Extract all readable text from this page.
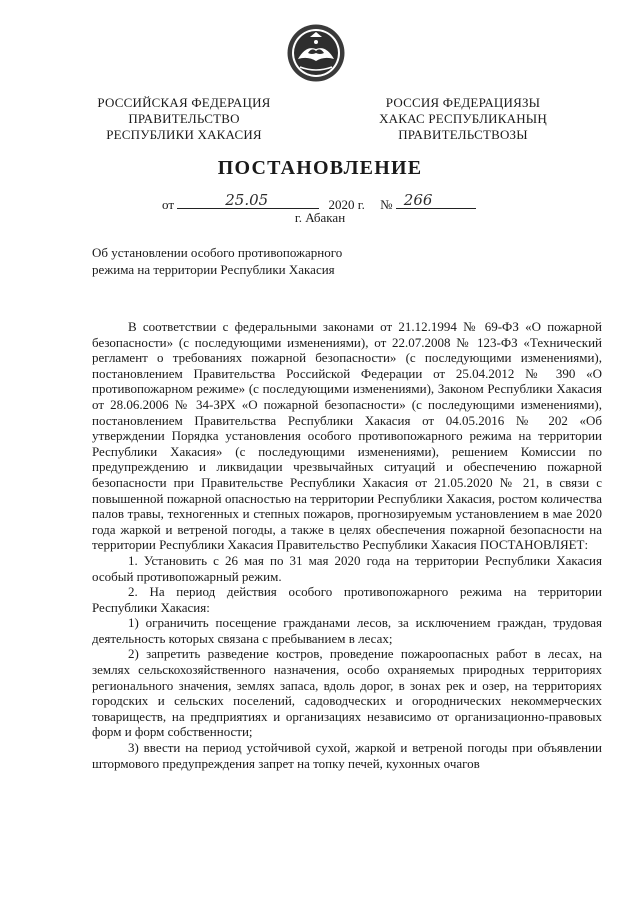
РОССИЙСКАЯ ФЕДЕРАЦИЯ
ПРАВИТЕЛЬСТВО
РЕСПУБЛИКИ ХАКАСИЯ
РОССИЯ ФЕДЕРАЦИЯЗЫ
ХАКАС РЕСПУБЛИКАНЫҢ
ПРАВИТЕЛЬСТВОЗЫ
ПОСТАНОВЛЕНИЕ
от	25.05	2020 г. № 266
г. Абакан
Об установлении особого противопожарного
режима на территории Республики Хакасия

В соответствии с федеральными законами от 21.12.1994 № 69-ФЗ «О пожарной безопасности» (с последующими изменениями), от 22.07.2008 № 123-ФЗ «Технический регламент о требованиях пожарной безопасности» (с последующими изменениями), постановлением Правительства Российской Федерации от 25.04.2012 № 390 «О противопожарном режиме» (с последующими изменениями), Законом Республики Хакасия от 28.06.2006 № 34-ЗРХ «О пожарной безопасности» (с последующими изменениями), постановлением Правительства Республики Хакасия от 04.05.2016 № 202 «Об утверждении Порядка установления особого противопожарного режима на территории Республики Хакасия» (с последующими изменениями), решением Комиссии по предупреждению и ликвидации чрезвычайных ситуаций и обеспечению пожарной безопасности при Правительстве Республики Хакасия от 21.05.2020 № 21, в связи с повышенной пожарной опасностью на территории Республики Хакасия, ростом количества палов травы, техногенных и степных пожаров, прогнозируемым установлением в мае 2020 года жаркой и ветреной погоды, а также в целях обеспечения пожарной безопасности на территории Республики Хакасия Правительство Республики Хакасия ПОСТАНОВЛЯЕТ:

1. Установить с 26 мая по 31 мая 2020 года на территории Республики Хакасия особый противопожарный режим.

2. На период действия особого противопожарного режима на территории Республики Хакасия:

1) ограничить посещение гражданами лесов, за исключением граждан, трудовая деятельность которых связана с пребыванием в лесах;

2) запретить разведение костров, проведение пожароопасных работ в лесах, на землях сельскохозяйственного назначения, особо охраняемых природных территориях регионального значения, землях запаса, вдоль дорог, в зонах рек и озер, на территориях городских и сельских поселений, садоводческих и огороднических некоммерческих товариществ, на предприятиях и организациях независимо от организационно-правовых форм и форм собственности;

3) ввести на период устойчивой сухой, жаркой и ветреной погоды при объявлении штормового предупреждения запрет на топку печей, кухонных очагов
